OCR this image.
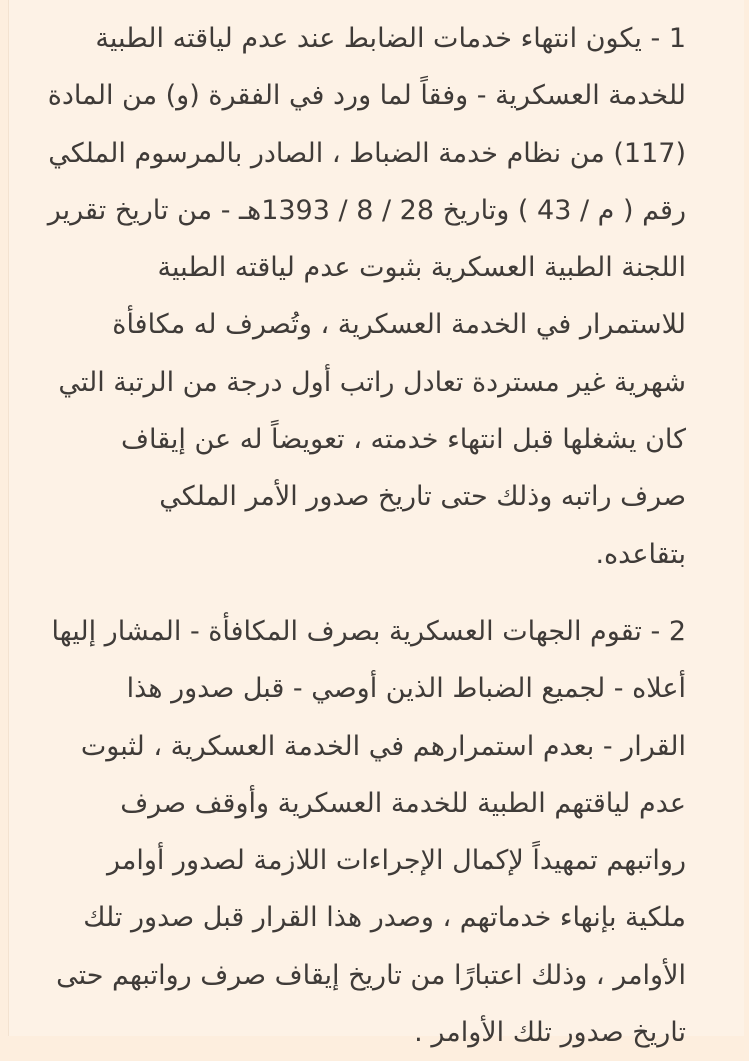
1 - يكون انتهاء خدمات الضابط عند عدم لياقته الطبية
للخدمة العسكرية - وفقاً لما ورد في الفقرة (و) من المادة
(117) من نظام خدمة الضباط ، الصادر بالمرسوم الملكي
رقم ( م / 43 ) وتاريخ 28 / 8 / 1393هـ - من تاريخ تقرير
اللجنة الطبية العسكرية بثبوت عدم لياقته الطبية
للاستمرار في الخدمة العسكرية ، وتُصرف له مكافأة
شهرية غير مستردة تعادل راتب أول درجة من الرتبة التي
كان يشغلها قبل انتهاء خدمته ، تعويضاً له عن إيقاف
صرف راتبه وذلك حتى تاريخ صدور الأمر الملكي
بتقاعده.

2 - تقوم الجهات العسكرية بصرف المكافأة - المشار إليها
أعلاه - لجميع الضباط الذين أوصي - قبل صدور هذا
القرار - بعدم استمرارهم في الخدمة العسكرية ، لثبوت
عدم لياقتهم الطبية للخدمة العسكرية وأوقف صرف
رواتبهم تمهيداً لإكمال الإجراءات اللازمة لصدور أوامر
ملكية بإنهاء خدماتهم ، وصدر هذا القرار قبل صدور تلك
الأوامر ، وذلك اعتبارًا من تاريخ إيقاف صرف رواتبهم حتى
تاريخ صدور تلك الأوامر .
